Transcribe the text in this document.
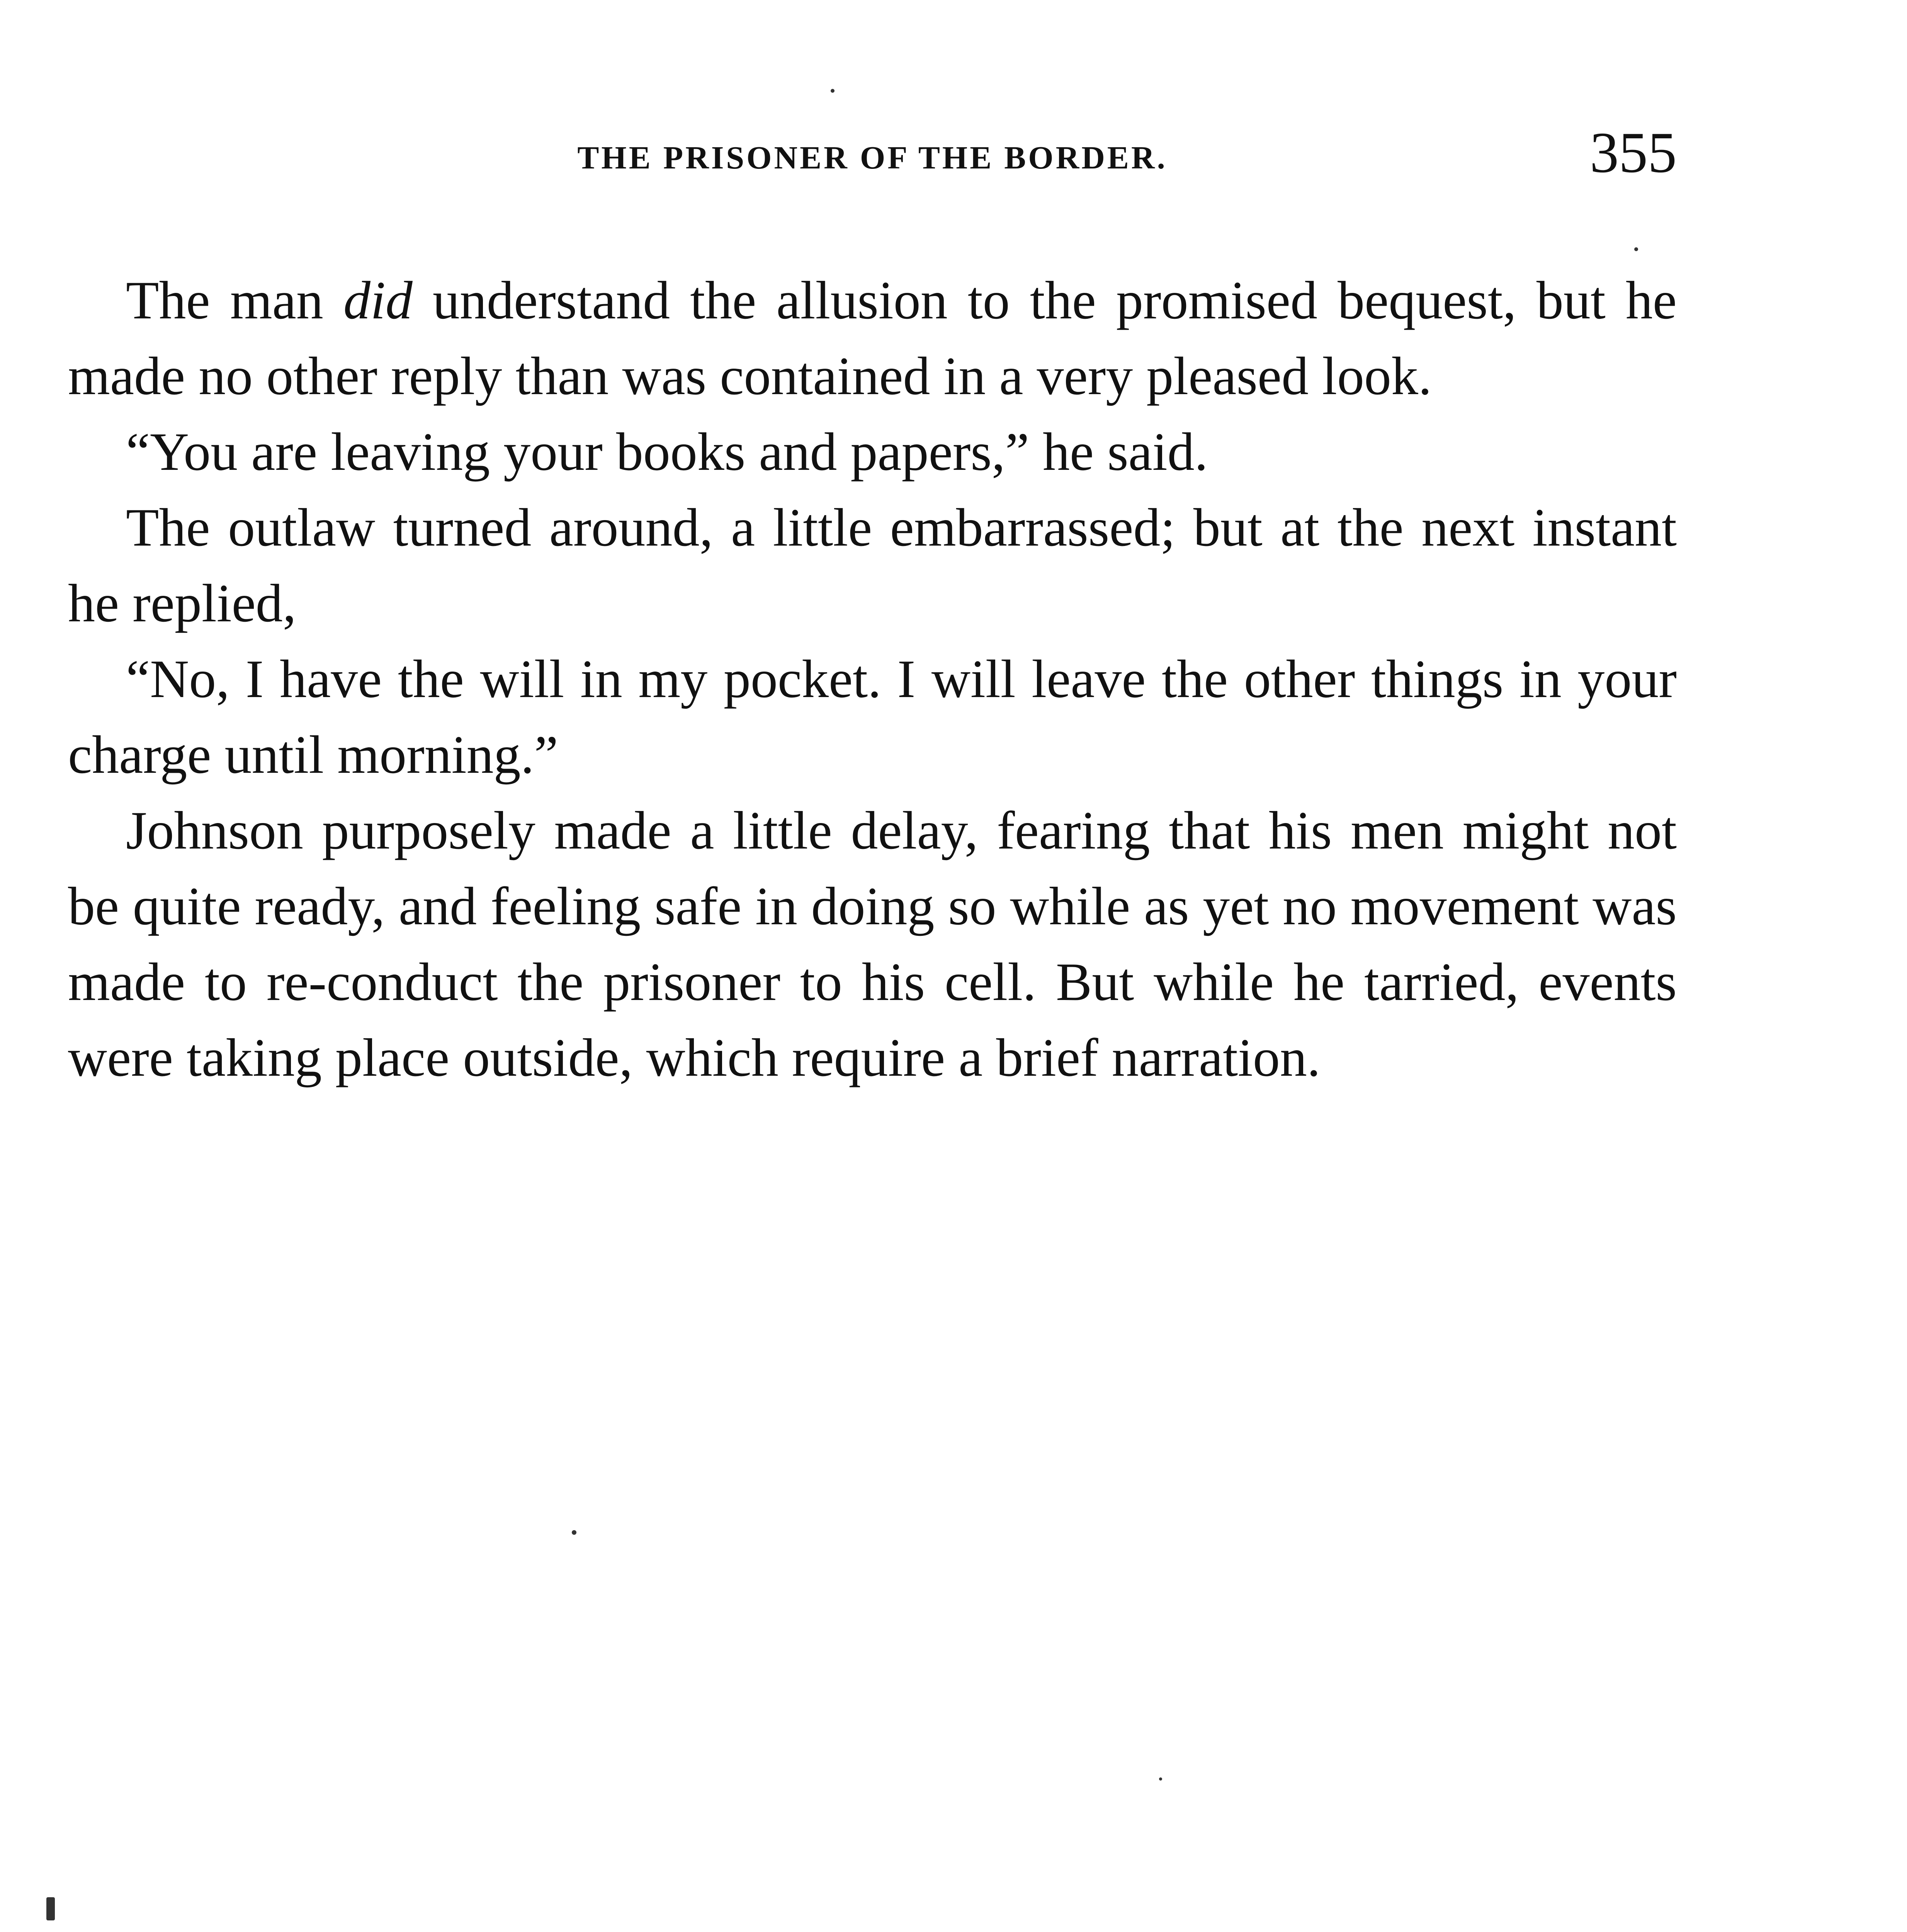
THE PRISONER OF THE BORDER.	355

The man did understand the allusion to the promised bequest, but he made no other reply than was contained in a very pleased look.

“You are leaving your books and papers,” he said.

The outlaw turned around, a little embarrassed; but at the next instant he replied,

“No, I have the will in my pocket. I will leave the other things in your charge until morning.”

Johnson purposely made a little delay, fearing that his men might not be quite ready, and feeling safe in doing so while as yet no movement was made to re-conduct the prisoner to his cell. But while he tarried, events were taking place outside, which require a brief narration.
